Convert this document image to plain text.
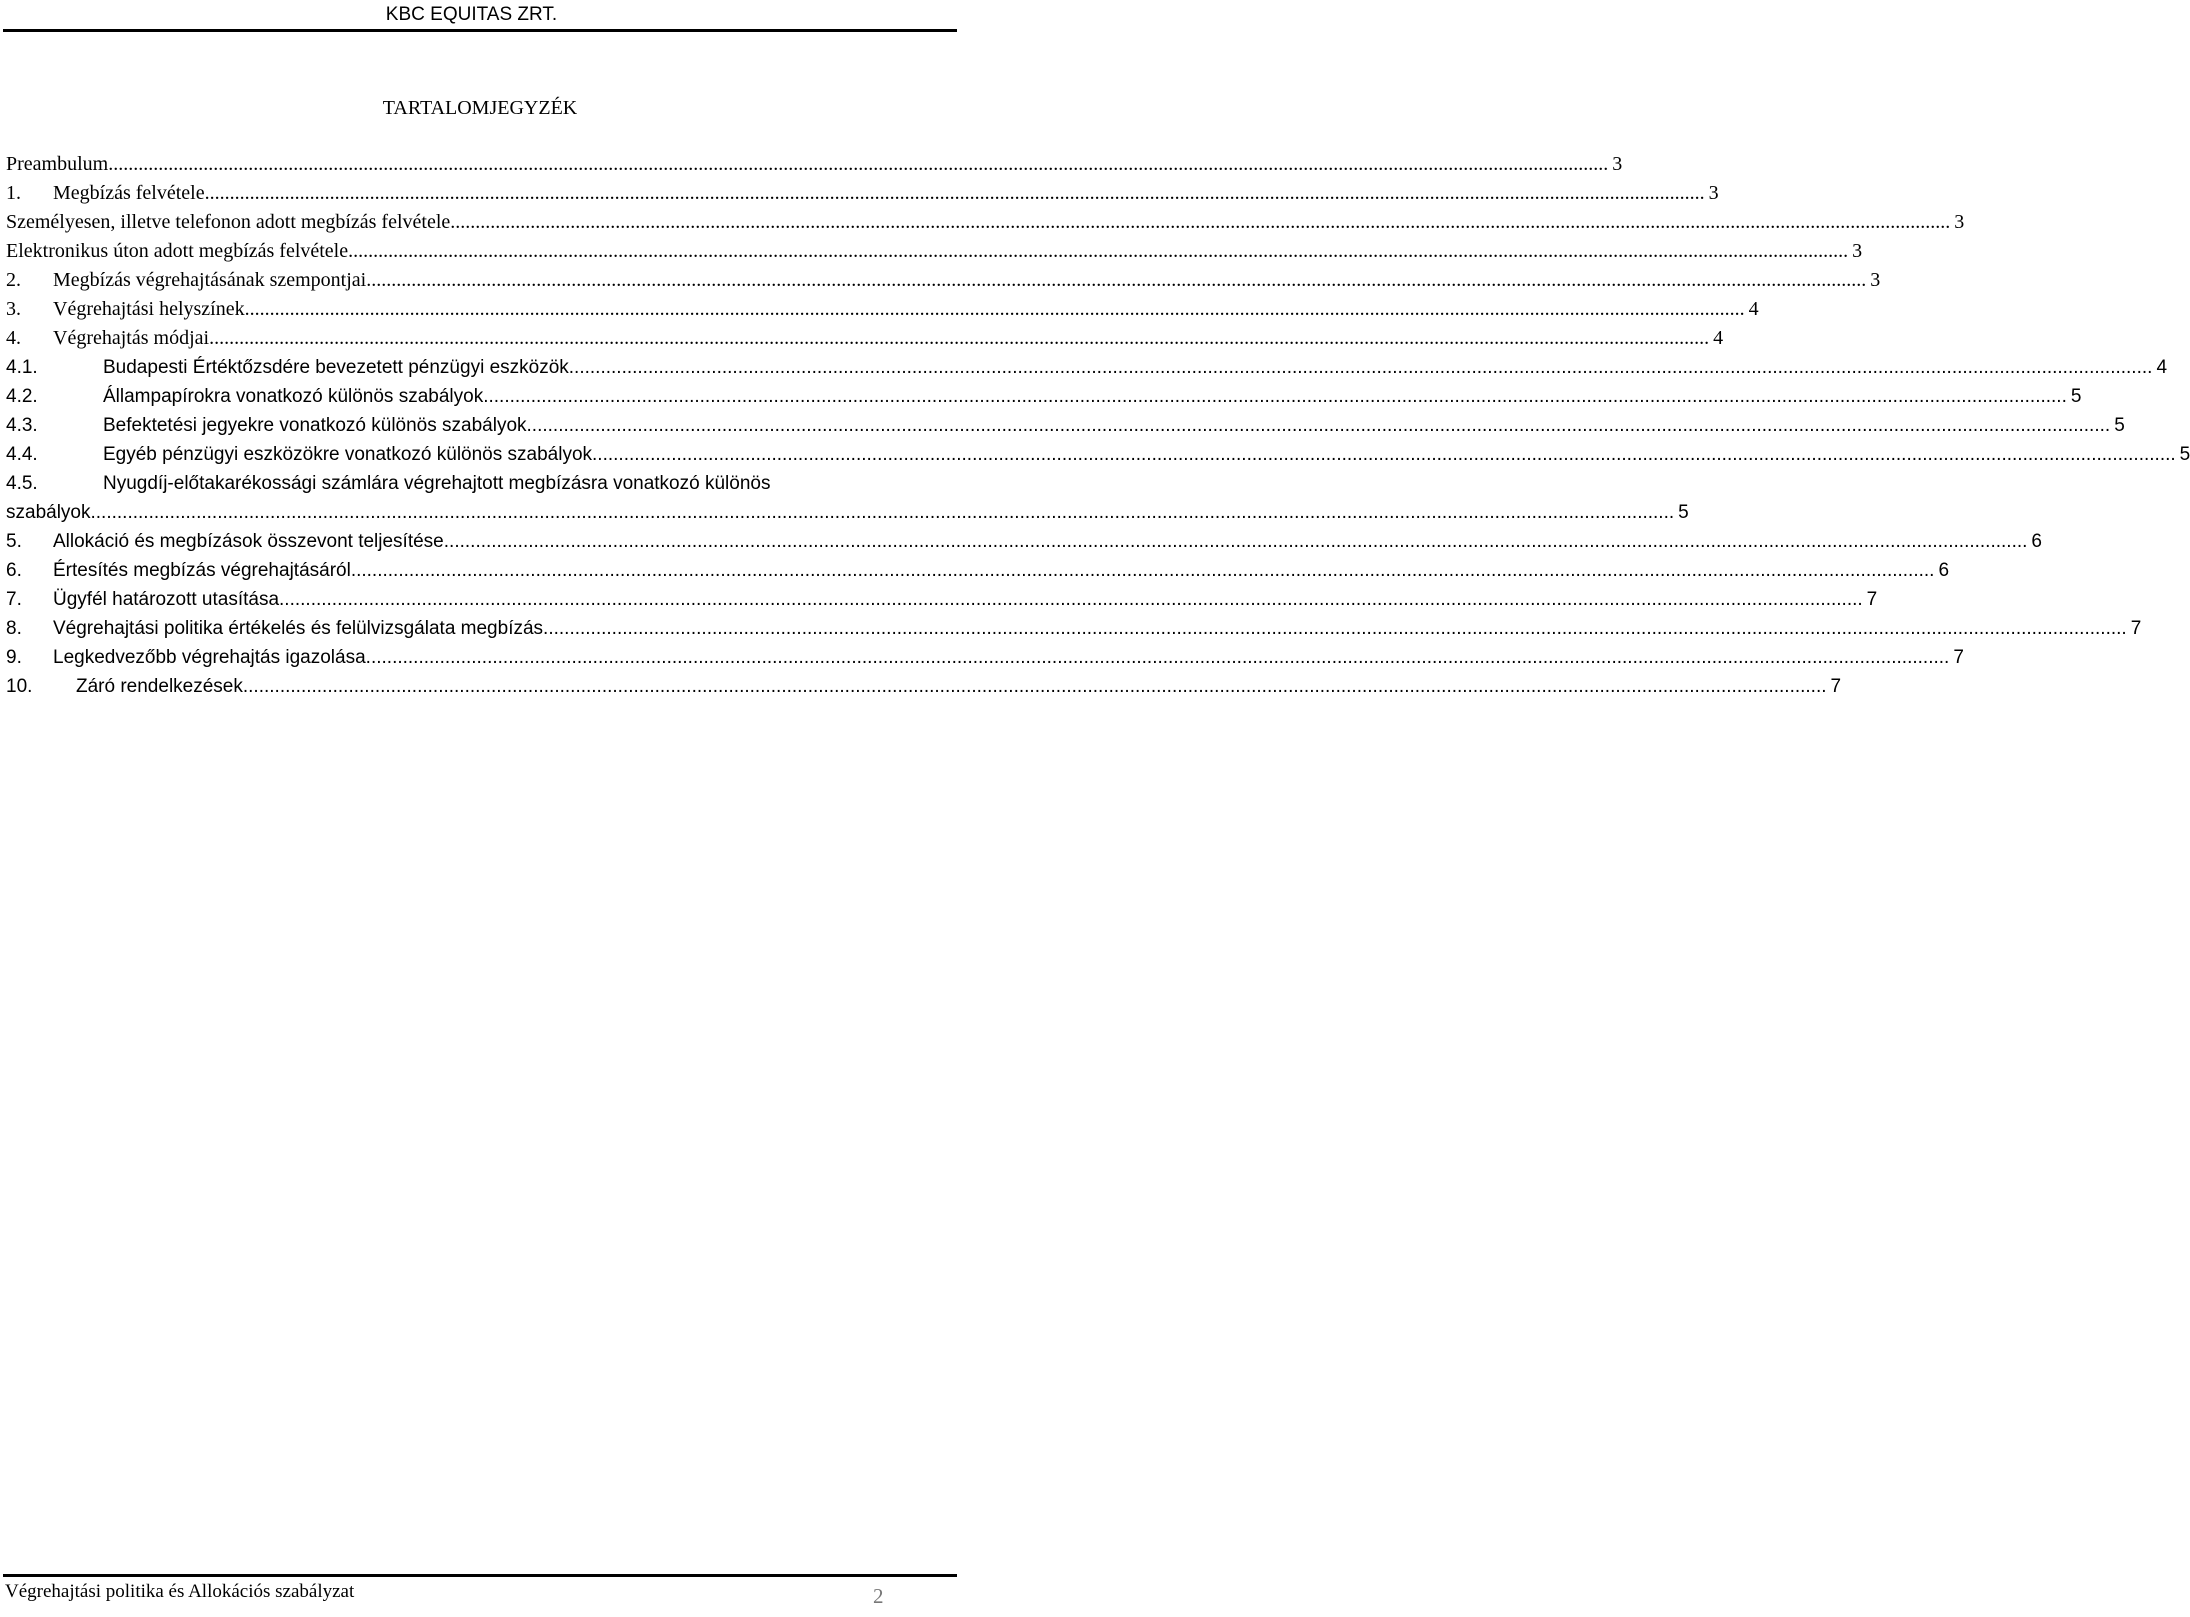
KBC EQUITAS ZRT.
TARTALOMJEGYZÉK
Preambulum ............................................................................................................................................................................................................................................................................................................ 3
1.	Megbízás felvétele ............................................................................................................................................................................................................................................................................................................ 3
Személyesen, illetve telefonon adott megbízás felvétele ............................................................................................................................................................................................................................................................................................................ 3
Elektronikus úton adott megbízás felvétele ............................................................................................................................................................................................................................................................................................................ 3
2.	Megbízás végrehajtásának szempontjai ............................................................................................................................................................................................................................................................................................................ 3
3.	Végrehajtási helyszínek ............................................................................................................................................................................................................................................................................................................ 4
4.	Végrehajtás módjai ............................................................................................................................................................................................................................................................................................................ 4
4.1.	Budapesti Értéktőzsdére bevezetett pénzügyi eszközök ............................................................................................................................................................................................................................................................................................................ 4
4.2.	Állampapírokra vonatkozó különös szabályok ............................................................................................................................................................................................................................................................................................................ 5
4.3.	Befektetési jegyekre vonatkozó különös szabályok ............................................................................................................................................................................................................................................................................................................ 5
4.4.	Egyéb pénzügyi eszközökre vonatkozó különös szabályok ............................................................................................................................................................................................................................................................................................................ 5
4.5.	Nyugdíj-előtakarékossági számlára végrehajtott megbízásra vonatkozó különös
szabályok ............................................................................................................................................................................................................................................................................................................ 5
5.	Allokáció és megbízások összevont teljesítése ............................................................................................................................................................................................................................................................................................................ 6
6.	Értesítés megbízás végrehajtásáról ............................................................................................................................................................................................................................................................................................................ 6
7.	Ügyfél határozott utasítása ............................................................................................................................................................................................................................................................................................................ 7
8.	Végrehajtási politika értékelés és felülvizsgálata megbízás ............................................................................................................................................................................................................................................................................................................ 7
9.	Legkedvezőbb végrehajtás igazolása ............................................................................................................................................................................................................................................................................................................ 7
10.	Záró rendelkezések ............................................................................................................................................................................................................................................................................................................ 7
Végrehajtási politika és Allokációs szabályzat	2
